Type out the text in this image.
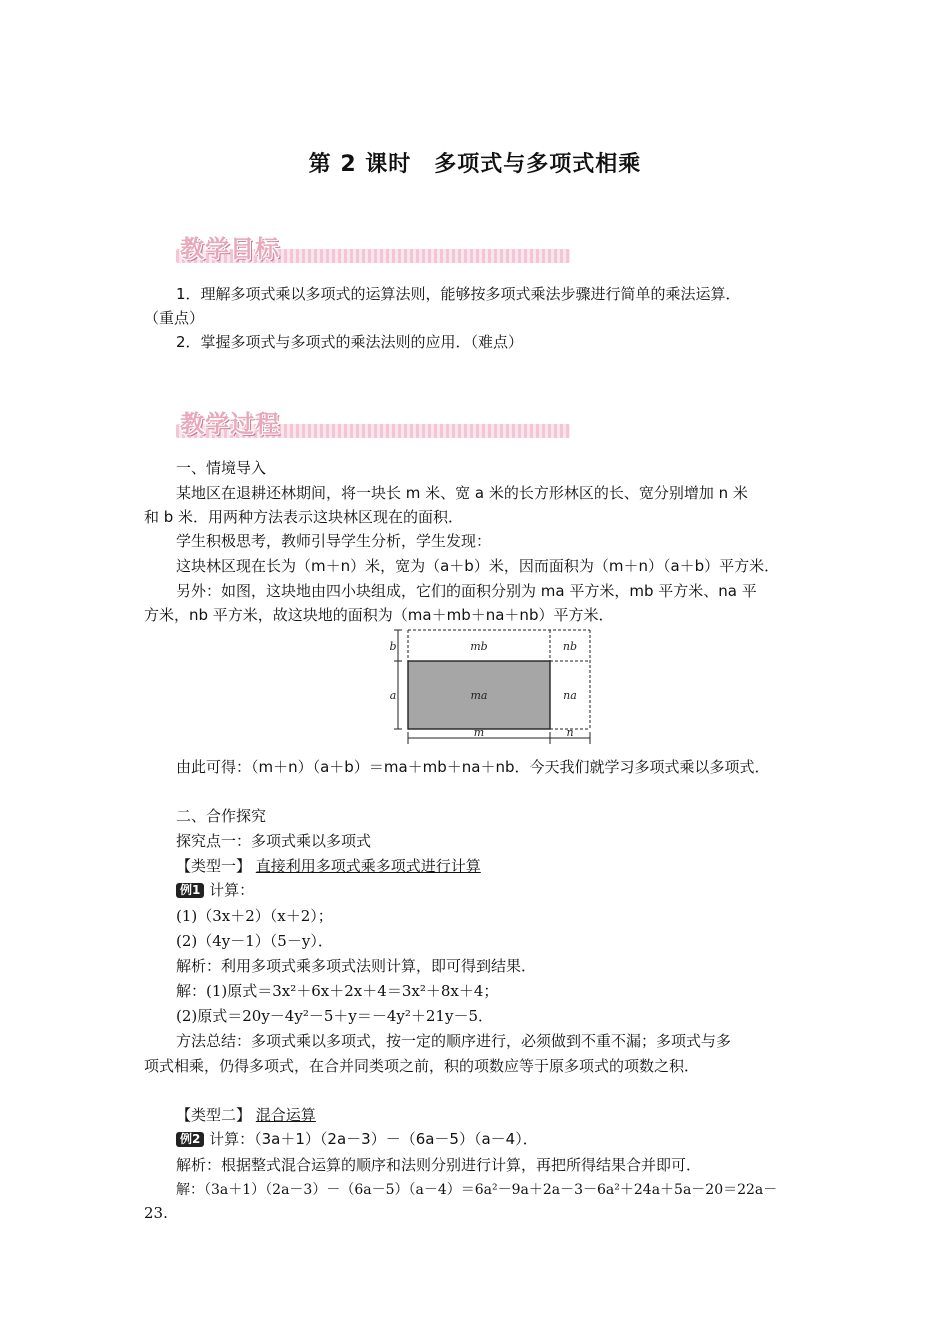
第 2 课时　多项式与多项式相乘
教学目标
1．理解多项式乘以多项式的运算法则，能够按多项式乘法步骤进行简单的乘法运算．
（重点）
2．掌握多项式与多项式的乘法法则的应用．（难点）
教学过程
一、情境导入
某地区在退耕还林期间，将一块长 m 米、宽 a 米的长方形林区的长、宽分别增加 n 米
和 b 米．用两种方法表示这块林区现在的面积．
学生积极思考，教师引导学生分析，学生发现：
这块林区现在长为（m＋n）米，宽为（a＋b）米，因而面积为（m＋n）（a＋b）平方米．
另外：如图，这块地由四小块组成，它们的面积分别为 ma 平方米，mb 平方米、na 平
方米，nb 平方米，故这块地的面积为（ma＋mb＋na＋nb）平方米．
mb	nb
ma	na
b
a
m	n
由此可得：（m＋n）（a＋b）＝ma＋mb＋na＋nb．今天我们就学习多项式乘以多项式．
二、合作探究
探究点一：多项式乘以多项式
【类型一】 直接利用多项式乘多项式进行计算
例1 计算：
(1)（3x＋2）（x＋2）；
(2)（4y－1）（5－y）．
解析：利用多项式乘多项式法则计算，即可得到结果．
解：(1)原式＝3x²＋6x＋2x＋4＝3x²＋8x＋4；
(2)原式＝20y－4y²－5＋y＝－4y²＋21y－5．
方法总结：多项式乘以多项式，按一定的顺序进行，必须做到不重不漏；多项式与多
项式相乘，仍得多项式，在合并同类项之前，积的项数应等于原多项式的项数之积．
【类型二】 混合运算
例2 计算：（3a＋1）（2a－3）－（6a－5）（a－4）．
解析：根据整式混合运算的顺序和法则分别进行计算，再把所得结果合并即可．
解：（3a＋1）（2a－3）－（6a－5）（a－4）＝6a²－9a＋2a－3－6a²＋24a＋5a－20＝22a－
23.
